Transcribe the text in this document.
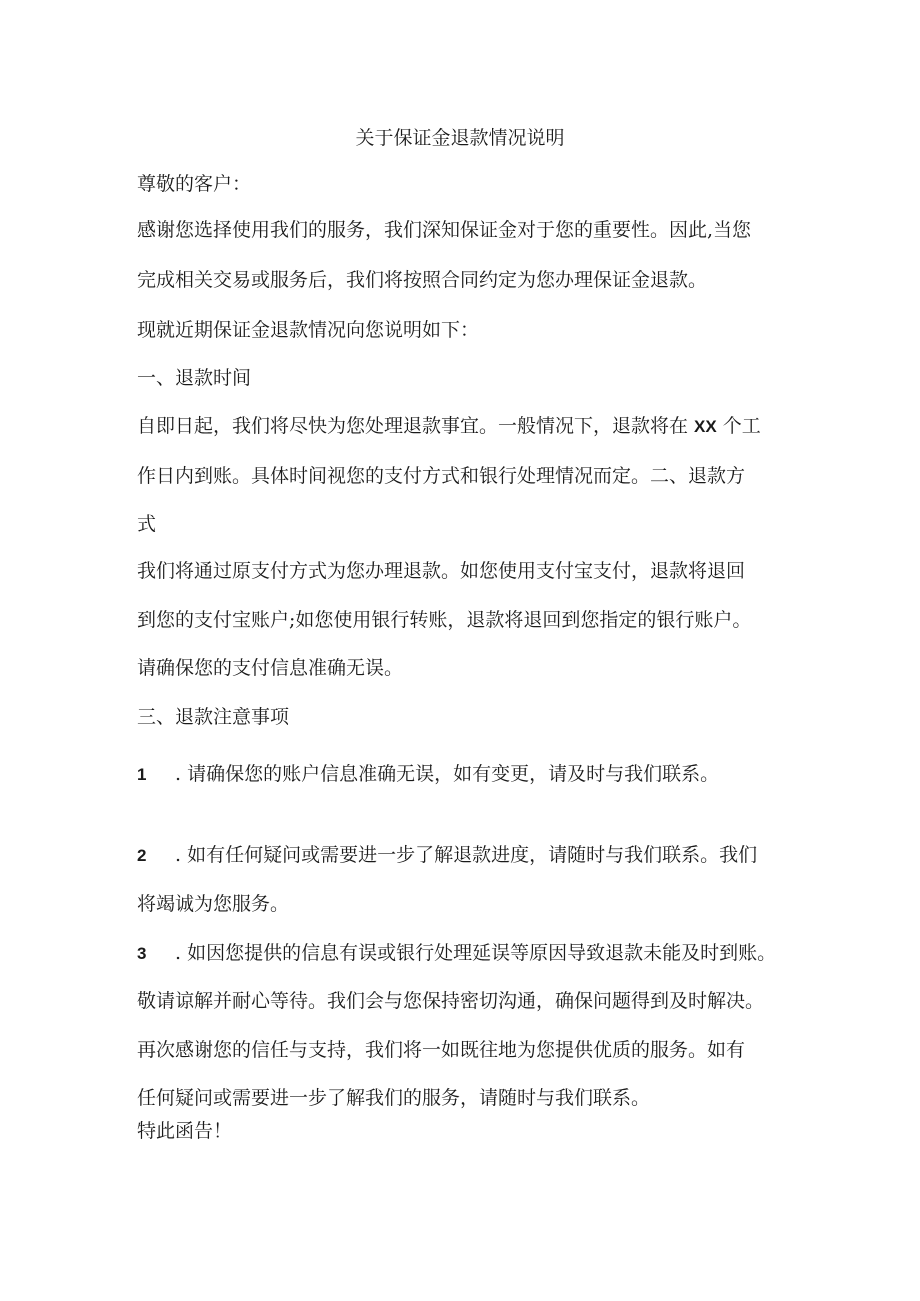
关于保证金退款情况说明
尊敬的客户：
感谢您选择使用我们的服务，我们深知保证金对于您的重要性。因此,当您
完成相关交易或服务后，我们将按照合同约定为您办理保证金退款。
现就近期保证金退款情况向您说明如下：
一、退款时间
自即日起，我们将尽快为您处理退款事宜。一般情况下，退款将在 XX 个工
作日内到账。具体时间视您的支付方式和银行处理情况而定。二、退款方
式
我们将通过原支付方式为您办理退款。如您使用支付宝支付，退款将退回
到您的支付宝账户;如您使用银行转账，退款将退回到您指定的银行账户。
请确保您的支付信息准确无误。
三、退款注意事项
1 . 请确保您的账户信息准确无误，如有变更，请及时与我们联系。
2 . 如有任何疑问或需要进一步了解退款进度，请随时与我们联系。我们
将竭诚为您服务。
3 . 如因您提供的信息有误或银行处理延误等原因导致退款未能及时到账。
敬请谅解并耐心等待。我们会与您保持密切沟通，确保问题得到及时解决。
再次感谢您的信任与支持，我们将一如既往地为您提供优质的服务。如有
任何疑问或需要进一步了解我们的服务，请随时与我们联系。
特此函告！
